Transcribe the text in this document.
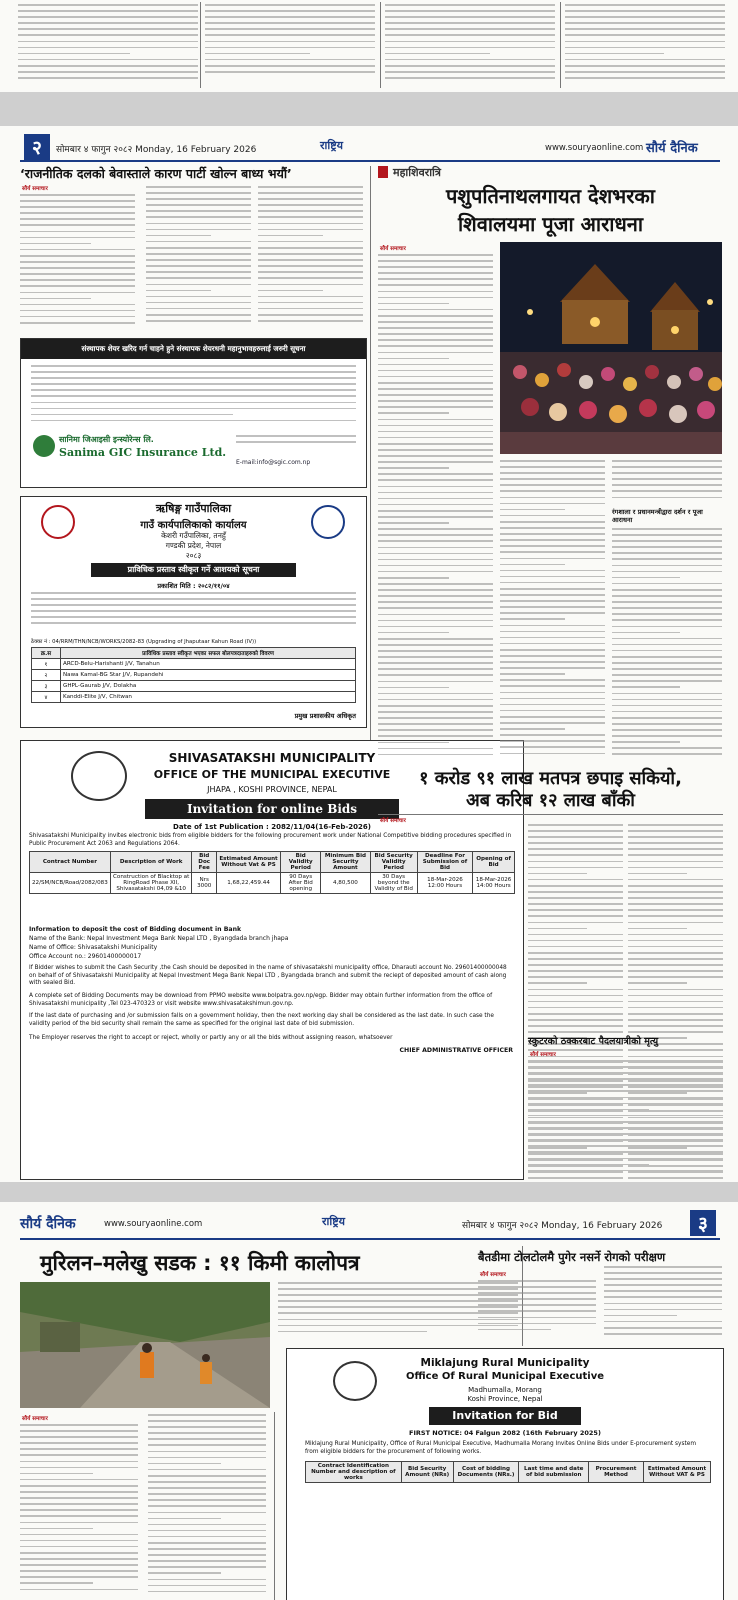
२	सोमबार ४ फागुन २०८२ Monday, 16 February 2026	राष्ट्रिय	www.souryaonline.com सौर्य दैनिक
‘राजनीतिक दलको बेवास्ताले कारण पार्टी खोल्न बाध्य भयौं’
सौर्य समाचार
संस्थापक शेयर खरिद गर्न चाहने हुने संस्थापक शेयरधनी महानुभावहरुलाई जरुरी सूचना
सानिमा जिआइसी इन्स्योरेन्स लि.
Sanima GIC Insurance Ltd.
E-mail:info@sgic.com.np
ऋषिङ्ग गाउँपालिका
गाउँ कार्यपालिकाको कार्यालय
केशरी गउँपालिका, तनहुँ
गण्डकी प्रदेश, नेपाल
२०८३
प्राविधिक प्रस्ताव स्वीकृत गर्ने आशयको सूचना
प्रकाशित मिति : २०८२/११/०४
ठेक्का नं : 04/RRM/THN/NCB/WORKS/2082-83 (Upgrading of Jhaputaar Kahun Road (IV))
क्र.स	प्राविधिक प्रस्ताव स्वीकृत भएका सफल बोलपत्रदाताहरुको विवरण
१	ARCD-Belu-Harishanti J/V, Tanahun
२	Nawa Kamal-BG Star J/V, Rupandehi
३	GHPL-Gaurab J/V, Dolakha
४	Kanddi-Elite J/V, Chitwan
प्रमुख प्रशासकीय अधिकृत
SHIVASATAKSHI MUNICIPALITY
OFFICE OF THE MUNICIPAL EXECUTIVE
JHAPA , KOSHI PROVINCE, NEPAL
Invitation for online Bids
Date of 1st Publication : 2082/11/04(16-Feb-2026)
Shivasatakshi Municipality invites electronic bids from eligible bidders for the following procurement work under National Competitive bidding procedures specified in Public Procurement Act 2063 and Regulations 2064.
Contract Number	Description of Work	Bid Doc Fee	Estimated Amount Without Vat & PS	Bid Validity Period	Minimum Bid Security Amount	Bid Security Validity Period	Deadline For Submission of Bid	Opening of Bid
22/SM/NCB/Road/2082/083	Construction of Blacktop at RingRoad Phase XII, Shivasatakshi 04,09 &10	Nrs 3000	1,68,22,459.44	90 Days After Bid opening	4,80,500	30 Days beyond the Validity of Bid	18-Mar-2026 12:00 Hours	18-Mar-2026 14:00 Hours
Information to deposit the cost of Bidding document in Bank
Name of the Bank: Nepal Investment Mega Bank Nepal LTD , Byangdada branch jhapa
Name of Office: Shivasatakshi Municipality
Office Account no.: 29601400000017
If Bidder wishes to submit the Cash Security ,the Cash should be deposited in the name of shivasatakshi municipality office, Dharauti account No. 29601400000048 on behalf of of Shivasatakshi Municipality at Nepal Investment Mega Bank Nepal LTD , Byangdada branch and submit the reciept of deposited amount of cash along with sealed Bid.
A complete set of Bidding Documents may be download from PPMO website www.bolpatra.gov.np/egp. Bidder may obtain further information from the office of Shivasatakshi municipality ,Tel 023-470323 or visit website www.shivasatakshimun.gov.np.
If the last date of purchasing and /or submission falls on a government holiday, then the next working day shall be considered as the last date. In such case the validity period of the bid security shall remain the same as specified for the original last date of bid submission.
The Employer reserves the right to accept or reject, wholly or partly any or all the bids without assigning reason, whatsoever
CHIEF ADMINISTRATIVE OFFICER
महाशिवरात्रि
पशुपतिनाथलगायत देशभरका
शिवालयमा पूजा आराधना
सौर्य समाचार
रंगशाला र प्रधानमन्त्रीद्वारा दर्शन र पूजा आराधना
१ करोड ९१ लाख मतपत्र छपाइ सकियो,
अब करिब १२ लाख बाँकी
सौर्य समाचार
स्कुटरको ठक्करबाट पैदलयात्रीको मृत्यु
सौर्य समाचार
सौर्य दैनिक	www.souryaonline.com	राष्ट्रिय	सोमबार ४ फागुन २०८२ Monday, 16 February 2026	३
मुरिलन–मलेखु सडक : ११ किमी कालोपत्र
सौर्य समाचार
बैतडीमा टोलटोलमै पुगेर नसर्ने रोगको परीक्षण
सौर्य समाचार
Miklajung Rural Municipality
Office Of Rural Municipal Executive
Madhumalla, Morang
Koshi Province, Nepal
Invitation for Bid
FIRST NOTICE: 04 Falgun 2082 (16th February 2025)
Miklajung Rural Municipality, Office of Rural Municipal Executive, Madhumalla Morang Invites Online Bids under E-procurement system from eligible bidders for the procurement of following works.
Contract Identification Number and description of works	Bid Security Amount (NRs)	Cost of bidding Documents (NRs.)	Last time and date of bid submission	Procurement Method	Estimated Amount Without VAT & PS
